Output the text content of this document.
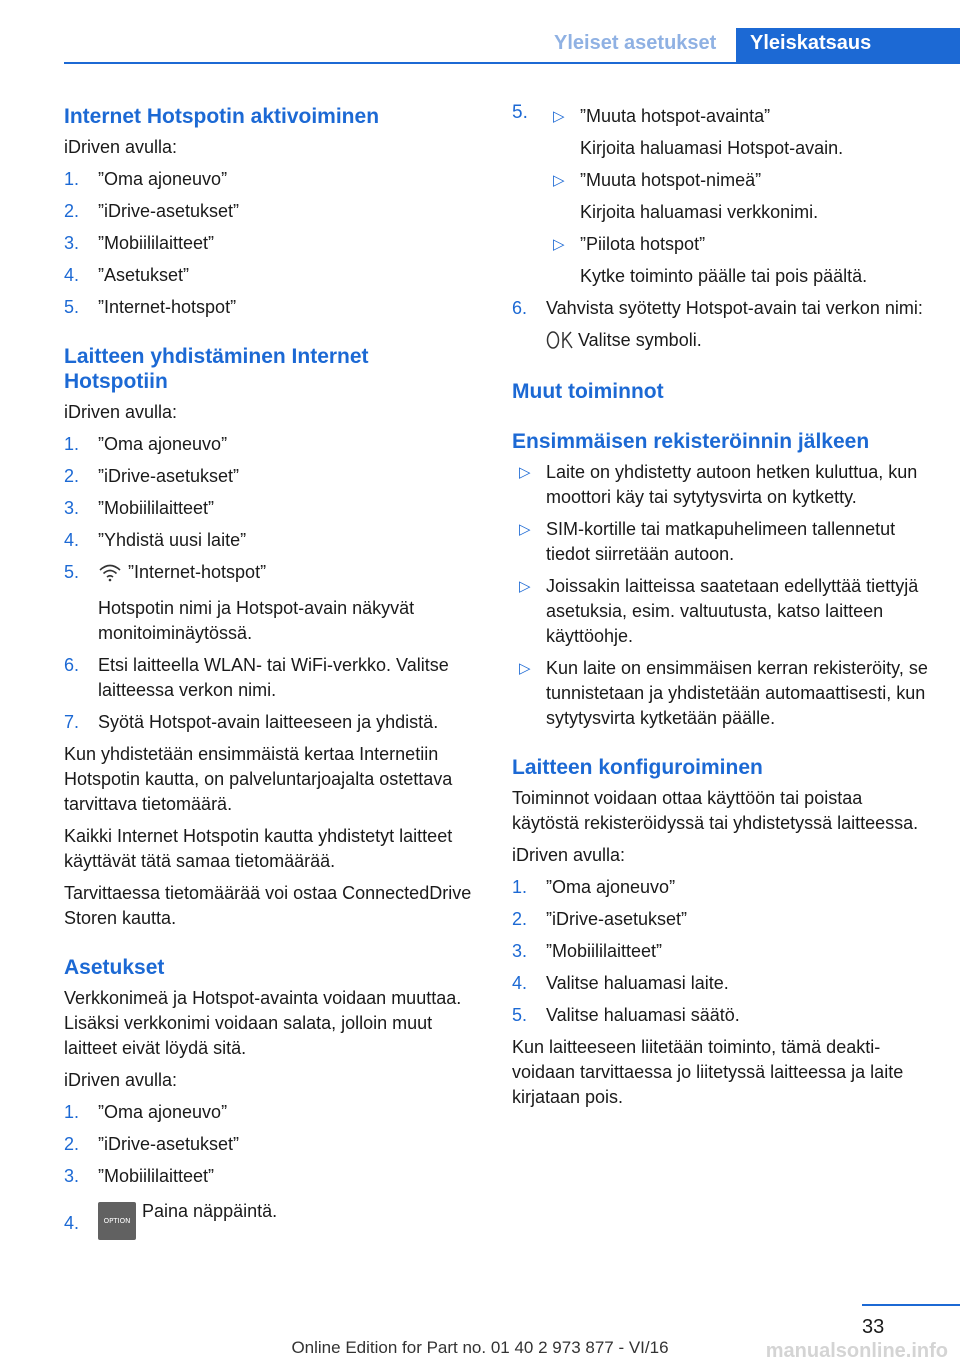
Yleiset asetukset	Yleiskatsaus
Internet Hotspotin aktivoiminen

iDriven avulla:

1. ”Oma ajoneuvo”
2. ”iDrive-asetukset”
3. ”Mobiililaitteet”
4. ”Asetukset”
5. ”Internet-hotspot”
Laitteen yhdistäminen Internet Hotspotiin

iDriven avulla:

1. ”Oma ajoneuvo”
2. ”iDrive-asetukset”
3. ”Mobiililaitteet”
4. ”Yhdistä uusi laite”
5.	”Internet-hotspot”
Hotspotin nimi ja Hotspot-avain näkyvät monitoiminäytössä.
6. Etsi laitteella WLAN- tai WiFi-verkko. Valitse laitteessa verkon nimi.
7. Syötä Hotspot-avain laitteeseen ja yhdistä.

Kun yhdistetään ensimmäistä kertaa Internetiin Hotspotin kautta, on palveluntarjoajalta ostettava tarvittava tietomäärä.

Kaikki Internet Hotspotin kautta yhdistetyt laitteet käyttävät tätä samaa tietomäärää.

Tarvittaessa tietomäärää voi ostaa ConnectedDrive Storen kautta.

Asetukset

Verkkonimeä ja Hotspot-avainta voidaan muuttaa. Lisäksi verkkonimi voidaan salata, jolloin muut laitteet eivät löydä sitä.

iDriven avulla:

1. ”Oma ajoneuvo”
2. ”iDrive-asetukset”
3. ”Mobiililaitteet”
4.	OPTION Paina näppäintä.
5. ▷ ”Muuta hotspot-avainta”
Kirjoita haluamasi Hotspot-avain.
▷ ”Muuta hotspot-nimeä”
Kirjoita haluamasi verkkonimi.
▷ ”Piilota hotspot”
Kytke toiminto päälle tai pois päältä.
6. Vahvista syötetty Hotspot-avain tai verkon nimi:
Valitse symboli.
Muut toiminnot
Ensimmäisen rekisteröinnin jälkeen
▷ Laite on yhdistetty autoon hetken kuluttua, kun moottori käy tai sytytysvirta on kytketty.
▷ SIM-kortille tai matkapuhelimeen tallennetut tiedot siirretään autoon.
▷ Joissakin laitteissa saatetaan edellyttää tiettyjä asetuksia, esim. valtuutusta, katso laitteen käyttöohje.
▷ Kun laite on ensimmäisen kerran rekisteröity, se tunnistetaan ja yhdistetään automaattisesti, kun sytytysvirta kytketään päälle.
Laitteen konfiguroiminen

Toiminnot voidaan ottaa käyttöön tai poistaa käytöstä rekisteröidyssä tai yhdistetyssä laitteessa.

iDriven avulla:

1. ”Oma ajoneuvo”
2. ”iDrive-asetukset”
3. ”Mobiililaitteet”
4. Valitse haluamasi laite.
5. Valitse haluamasi säätö.

Kun laitteeseen liitetään toiminto, tämä deaktivoidaan tarvittaessa jo liitetyssä laitteessa ja laite kirjataan pois.

33
Online Edition for Part no. 01 40 2 973 877 - VI/16	manualsonline.info
